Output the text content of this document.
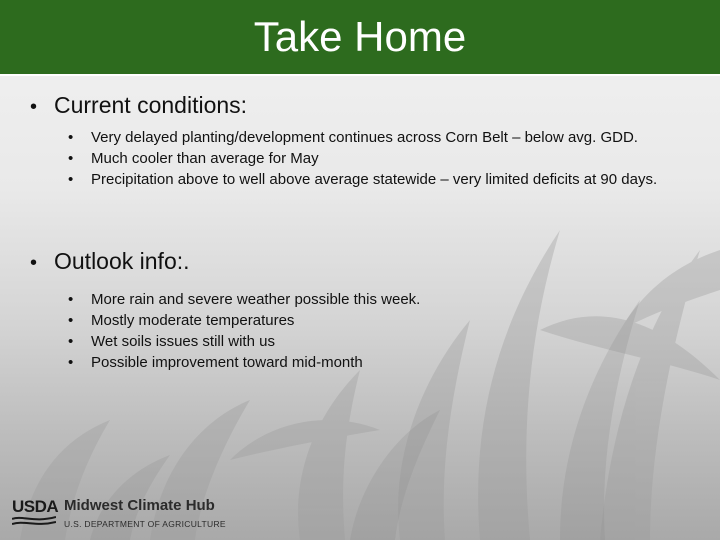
Take Home
• Current conditions:
•	Very delayed planting/development continues across Corn Belt – below avg. GDD.
•	Much cooler than average for May
•	Precipitation above to well above average statewide – very limited deficits at 90 days.
• Outlook info:.
•	More rain and severe weather possible this week.
•	Mostly moderate temperatures
•	Wet soils issues still with us
•	Possible improvement toward mid-month
USDA Midwest Climate Hub
U.S. DEPARTMENT OF AGRICULTURE
